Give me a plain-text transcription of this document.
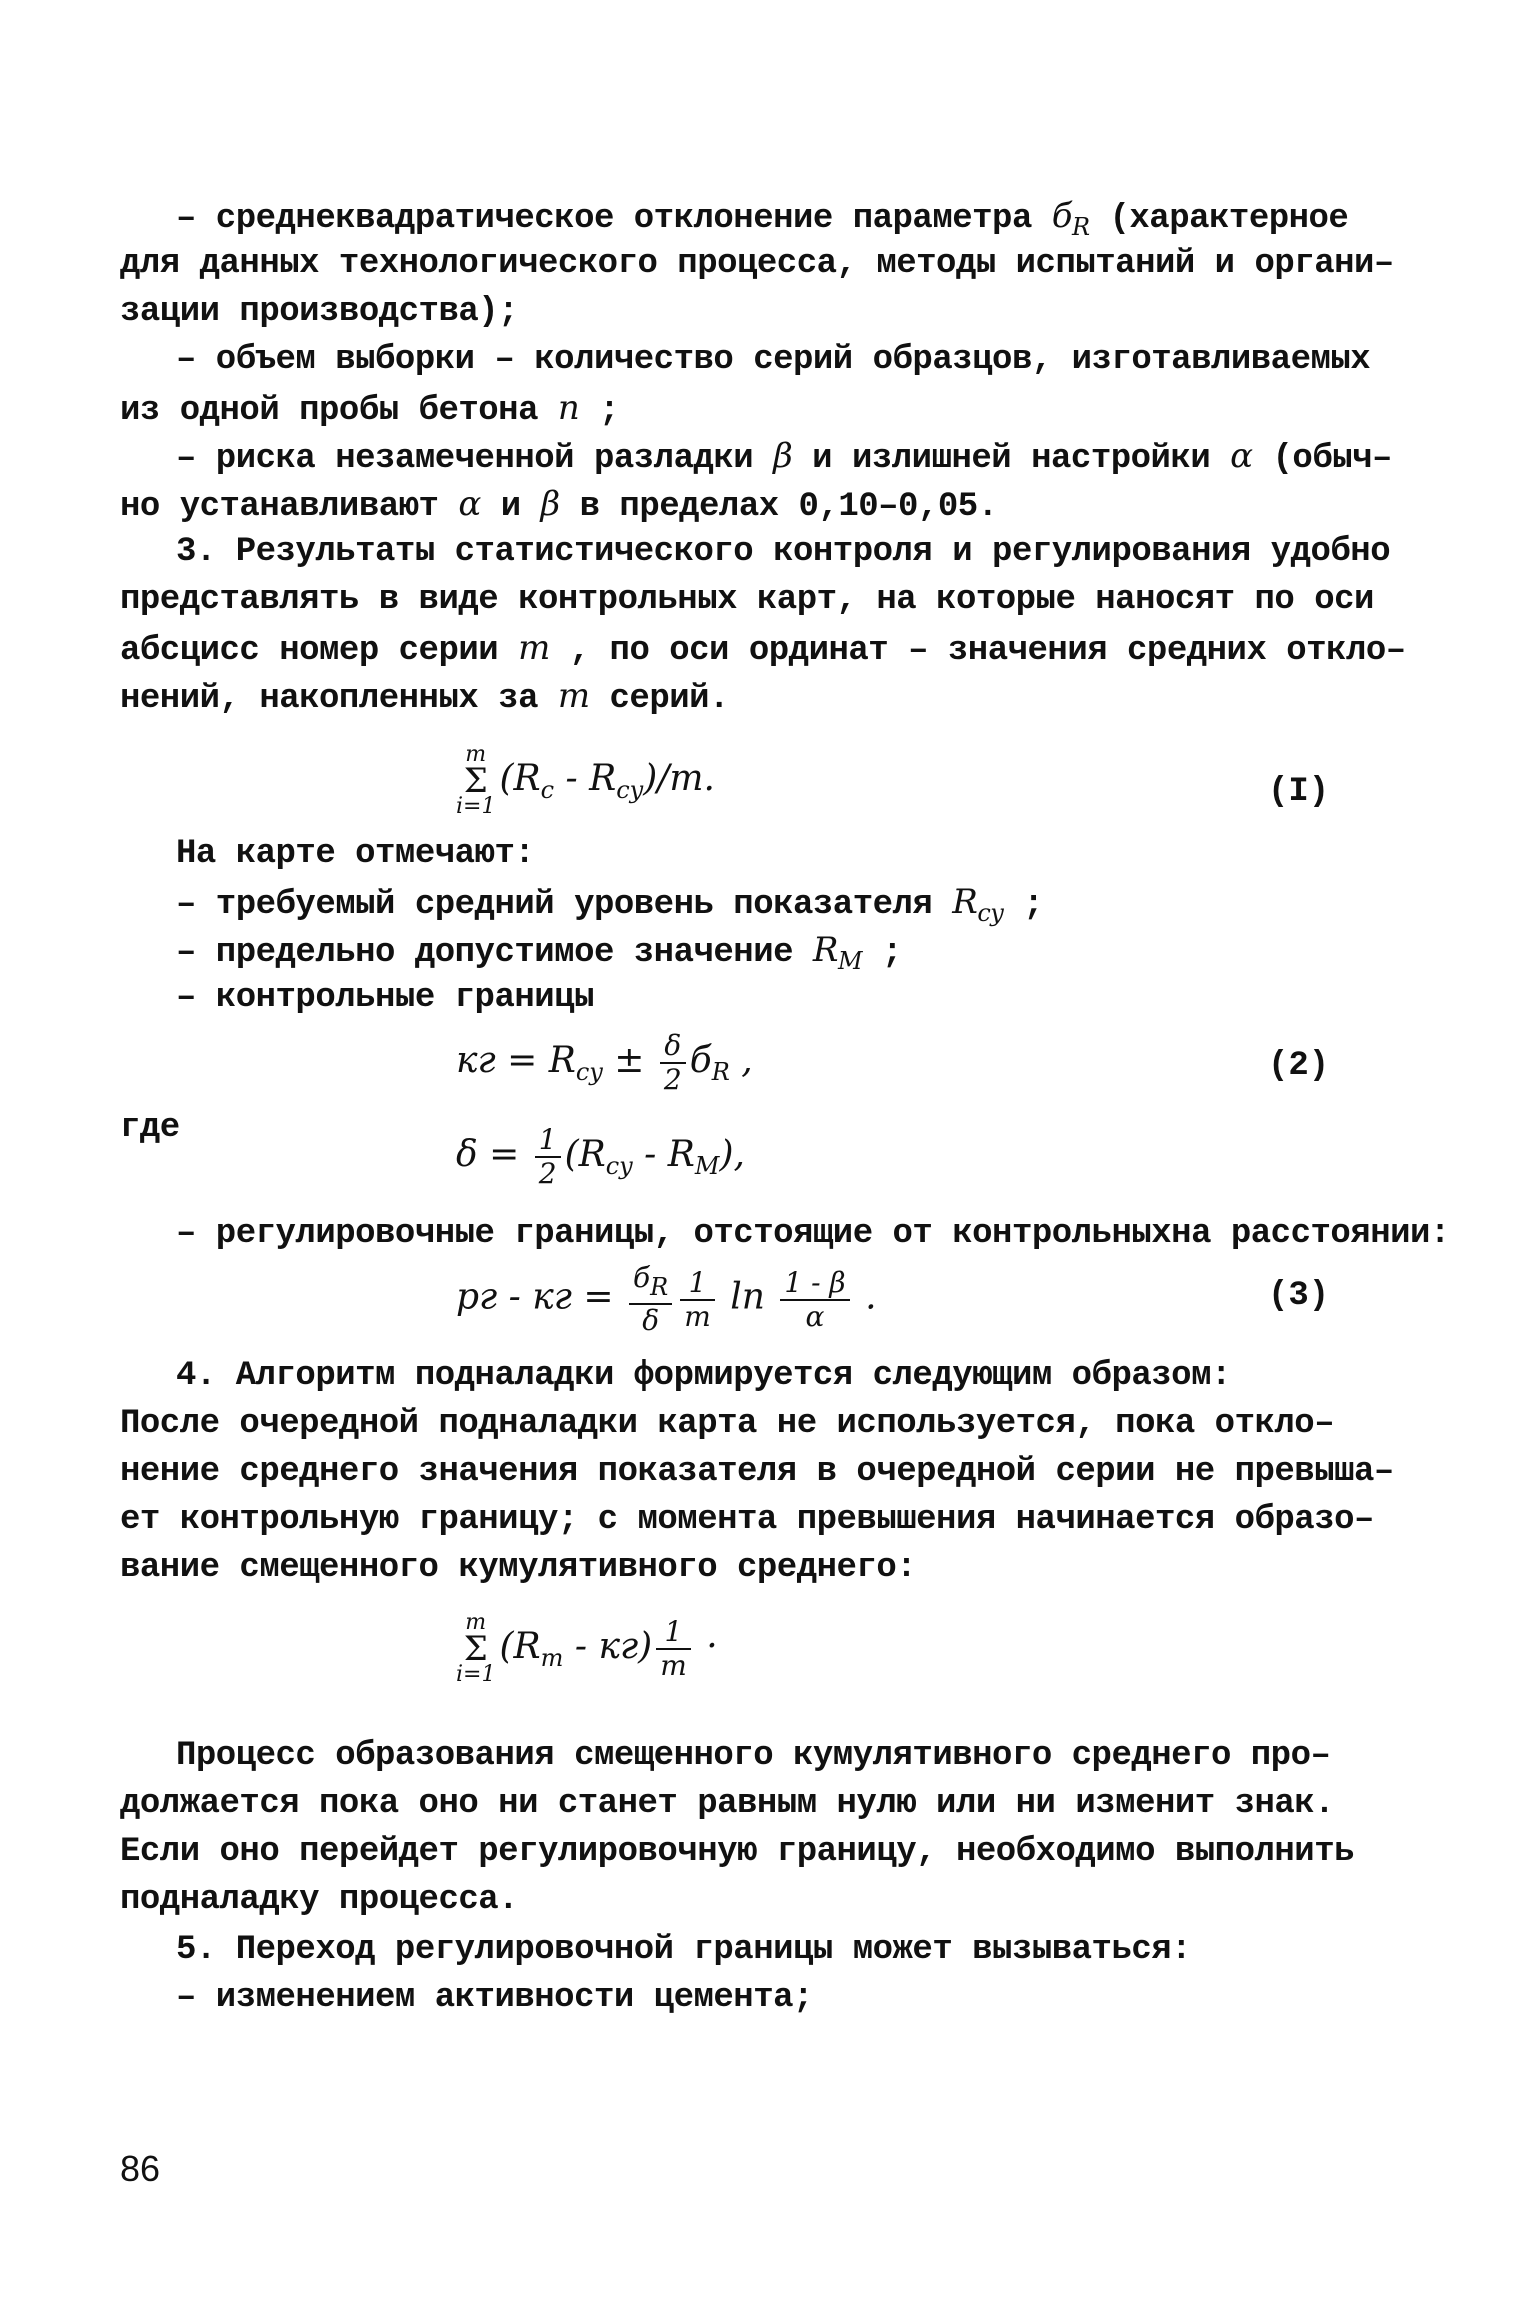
– среднеквадратическое отклонение параметра $б_R$ (характерное
для данных технологического процесса, методы испытаний и органи–
зации производства);
– объем выборки – количество серий образцов, изготавливаемых
из одной пробы бетона n ;
– риска незамеченной разладки β и излишней настройки α (обыч–
но устанавливают α и β в пределах 0,10–0,05.
3. Результаты статистического контроля и регулирования удобно
представлять в виде контрольных карт, на которые наносят по оси
абсцисс номер серии m , по оси ординат – значения средних откло–
нений, накопленных за m серий.
m
Σ
$i=1(R_c - R_{cy})/m$.	(I)
На карте отмечают:
– требуемый средний уровень показателя $R_{cy}$ ;
– предельно допустимое значение $R_М$ ;
– контрольные границы
кг = $R_{cy} \pm \frac{\delta}{2} б_R$ ,	(2)
где
$\delta = \frac{1}{2} (R_{cy} - R_М)$,
– регулировочные границы, отстоящие от контрольныхна расстоянии:
рг - кг = $\frac{бR}{\delta} \frac{1}{m}$ $\ln \frac{1 - \beta}{\alpha}$ .	(3)
4. Алгоритм подналадки формируется следующим образом:
После очередной подналадки карта не используется, пока откло–
нение среднего значения показателя в очередной серии не превыша–
ет контрольную границу; с момента превышения начинается образо–
вание смещенного кумулятивного среднего:
m
Σ
$i=1(R_m - кг) \frac{1}{m}$ ·
Процесс образования смещенного кумулятивного среднего про–
должается пока оно ни станет равным нулю или ни изменит знак.
Если оно перейдет регулировочную границу, необходимо выполнить
подналадку процесса.
5. Переход регулировочной границы может вызываться:
– изменением активности цемента;
86
